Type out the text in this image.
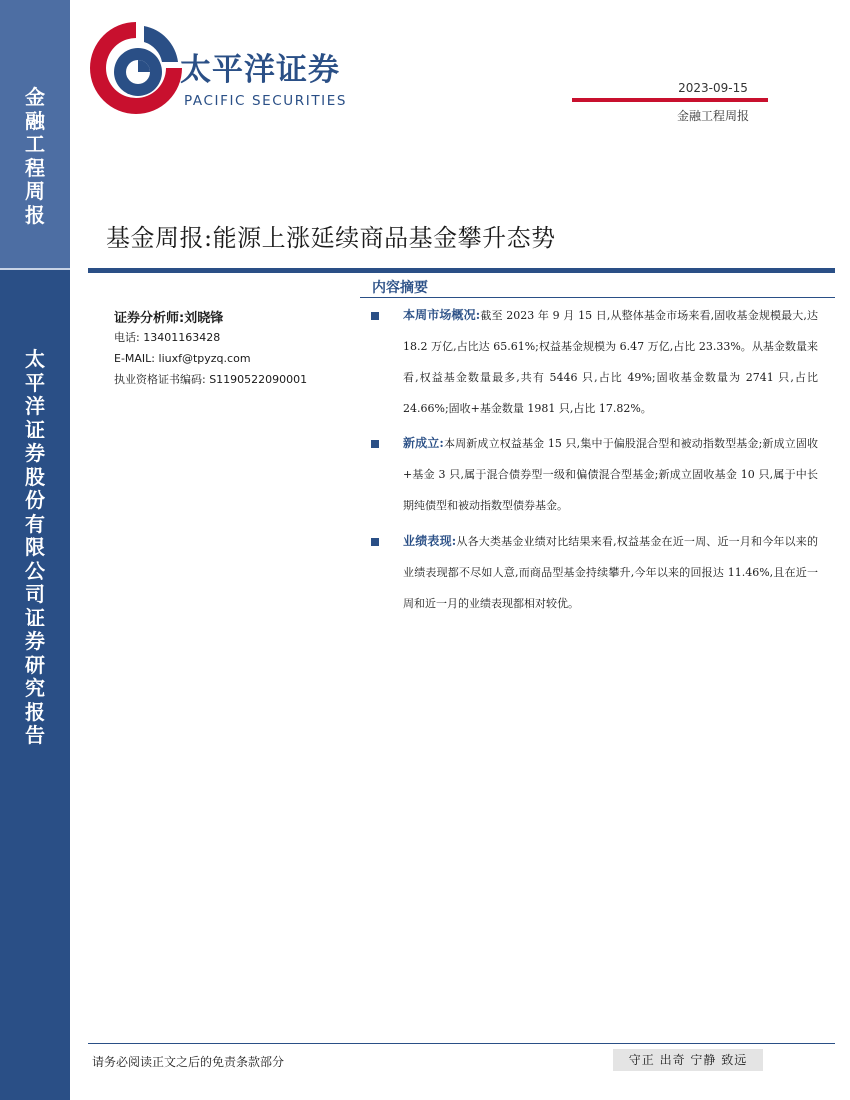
金融工程周报
太平洋证券股份有限公司证券研究报告
太平洋证券
PACIFIC SECURITIES
2023-09-15
金融工程周报
基金周报:能源上涨延续商品基金攀升态势
证券分析师:刘晓锋
电话: 13401163428
E-MAIL: liuxf@tpyzq.com
执业资格证书编码: S1190522090001
内容摘要

本周市场概况:截至 2023 年 9 月 15 日,从整体基金市场来看,固收基金规模最大,达 18.2 万亿,占比达 65.61%;权益基金规模为 6.47 万亿,占比 23.33%。从基金数量来看,权益基金数量最多,共有 5446 只,占比 49%;固收基金数量为 2741 只,占比 24.66%;固收+基金数量 1981 只,占比 17.82%。

新成立:本周新成立权益基金 15 只,集中于偏股混合型和被动指数型基金;新成立固收+基金 3 只,属于混合债券型一级和偏债混合型基金;新成立固收基金 10 只,属于中长期纯债型和被动指数型债券基金。

业绩表现:从各大类基金业绩对比结果来看,权益基金在近一周、近一月和今年以来的业绩表现都不尽如人意,而商品型基金持续攀升,今年以来的回报达 11.46%,且在近一周和近一月的业绩表现都相对较优。

请务必阅读正文之后的免责条款部分	守正 出奇 宁静 致远
